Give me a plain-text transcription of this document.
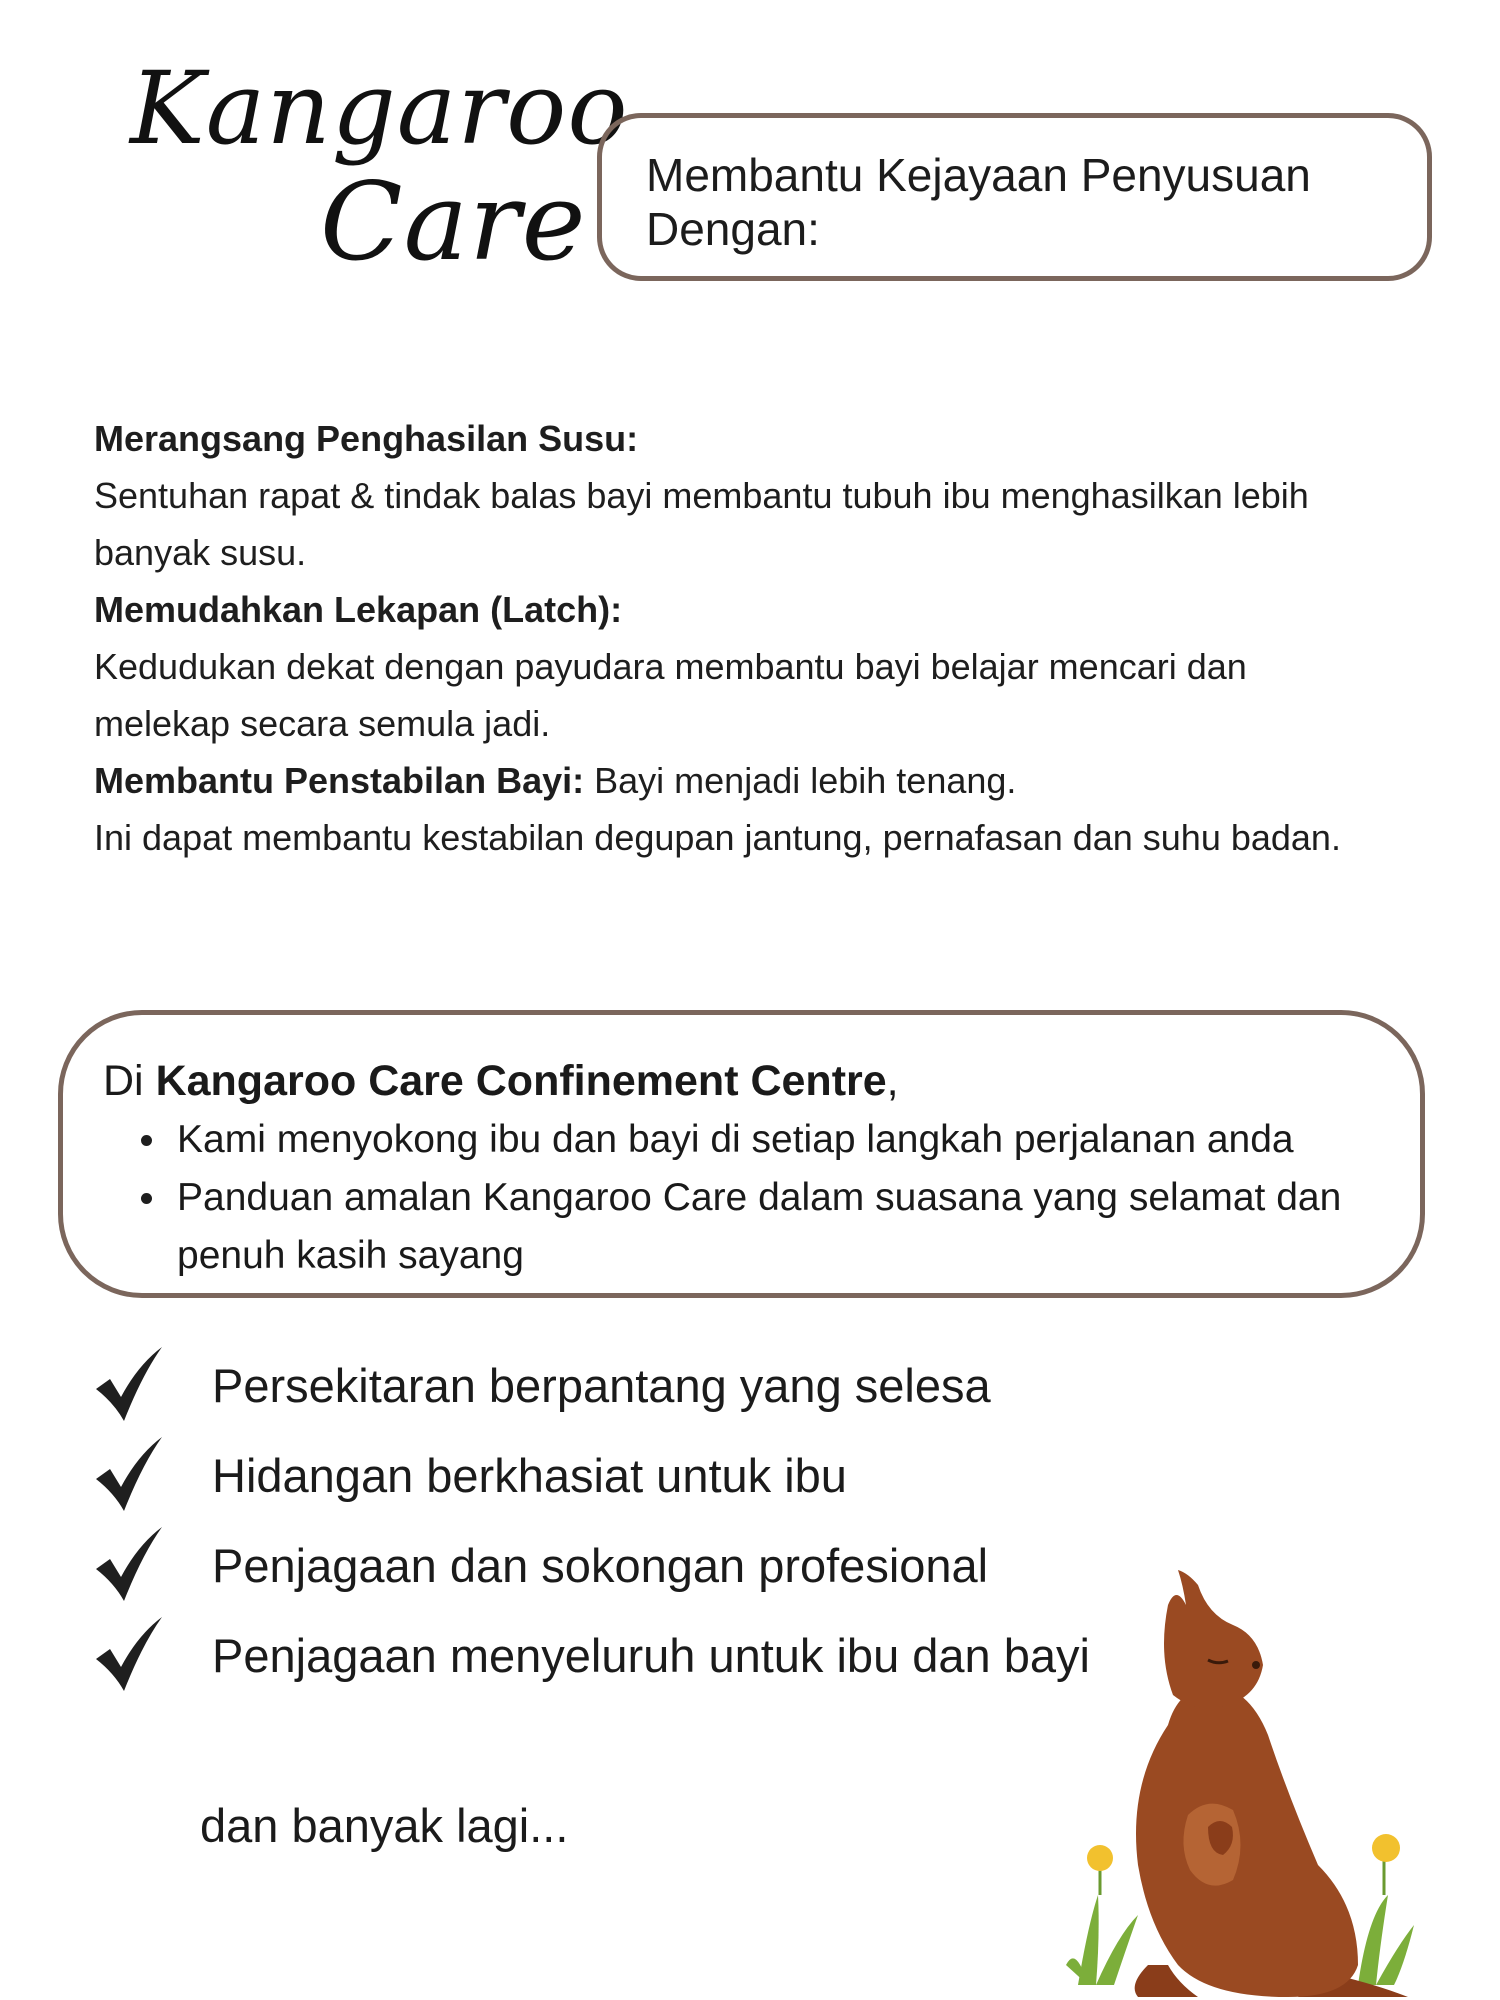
Kangaroo
Care	Membantu Kejayaan Penyusuan Dengan:

Merangsang Penghasilan Susu:

Sentuhan rapat & tindak balas bayi membantu tubuh ibu menghasilkan lebih banyak susu.

Memudahkan Lekapan (Latch):

Kedudukan dekat dengan payudara membantu bayi belajar mencari dan melekap secara semula jadi.

Membantu Penstabilan Bayi: Bayi menjadi lebih tenang.

Ini dapat membantu kestabilan degupan jantung, pernafasan dan suhu badan.

Di Kangaroo Care Confinement Centre,

Kami menyokong ibu dan bayi di setiap langkah perjalanan anda
Panduan amalan Kangaroo Care dalam suasana yang selamat dan penuh kasih sayang
Persekitaran berpantang yang selesa
Hidangan berkhasiat untuk ibu
Penjagaan dan sokongan profesional
Penjagaan menyeluruh untuk ibu dan bayi
dan banyak lagi...
